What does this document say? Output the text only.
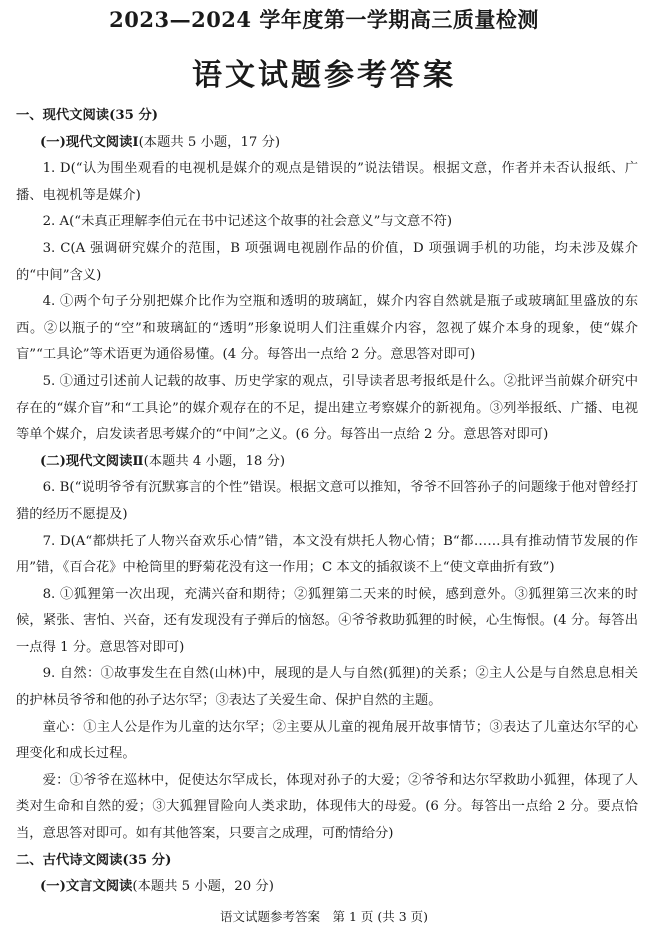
2023—2024 学年度第一学期高三质量检测
语文试题参考答案

一、现代文阅读(35 分)

(一)现代文阅读Ⅰ(本题共 5 小题，17 分)

1. D(“认为围坐观看的电视机是媒介的观点是错误的”说法错误。根据文意，作者并未否认报纸、广播、电视机等是媒介)

2. A(“未真正理解李伯元在书中记述这个故事的社会意义”与文意不符)

3. C(A 强调研究媒介的范围，B 项强调电视剧作品的价值，D 项强调手机的功能，均未涉及媒介的“中间”含义)

4. ①两个句子分别把媒介比作为空瓶和透明的玻璃缸，媒介内容自然就是瓶子或玻璃缸里盛放的东西。②以瓶子的“空”和玻璃缸的“透明”形象说明人们注重媒介内容，忽视了媒介本身的现象，使“媒介盲”“工具论”等术语更为通俗易懂。(4 分。每答出一点给 2 分。意思答对即可)

5. ①通过引述前人记载的故事、历史学家的观点，引导读者思考报纸是什么。②批评当前媒介研究中存在的“媒介盲”和“工具论”的媒介观存在的不足，提出建立考察媒介的新视角。③列举报纸、广播、电视等单个媒介，启发读者思考媒介的“中间”之义。(6 分。每答出一点给 2 分。意思答对即可)

(二)现代文阅读Ⅱ(本题共 4 小题，18 分)

6. B(“说明爷爷有沉默寡言的个性”错误。根据文意可以推知，爷爷不回答孙子的问题缘于他对曾经打猎的经历不愿提及)

7. D(A“都烘托了人物兴奋欢乐心情”错，本文没有烘托人物心情；B“都……具有推动情节发展的作用”错，《百合花》中枪筒里的野菊花没有这一作用；C 本文的插叙谈不上“使文章曲折有致”)

8. ①狐狸第一次出现，充满兴奋和期待；②狐狸第二天来的时候，感到意外。③狐狸第三次来的时候，紧张、害怕、兴奋，还有发现没有子弹后的恼怒。④爷爷救助狐狸的时候，心生悔恨。(4 分。每答出一点得 1 分。意思答对即可)

9. 自然：①故事发生在自然(山林)中，展现的是人与自然(狐狸)的关系；②主人公是与自然息息相关的护林员爷爷和他的孙子达尔罕；③表达了关爱生命、保护自然的主题。

童心：①主人公是作为儿童的达尔罕；②主要从儿童的视角展开故事情节；③表达了儿童达尔罕的心理变化和成长过程。

爱：①爷爷在巡林中，促使达尔罕成长，体现对孙子的大爱；②爷爷和达尔罕救助小狐狸，体现了人类对生命和自然的爱；③大狐狸冒险向人类求助，体现伟大的母爱。(6 分。每答出一点给 2 分。要点恰当，意思答对即可。如有其他答案，只要言之成理，可酌情给分)

二、古代诗文阅读(35 分)

(一)文言文阅读(本题共 5 小题，20 分)

语文试题参考答案　第 1 页 (共 3 页)
